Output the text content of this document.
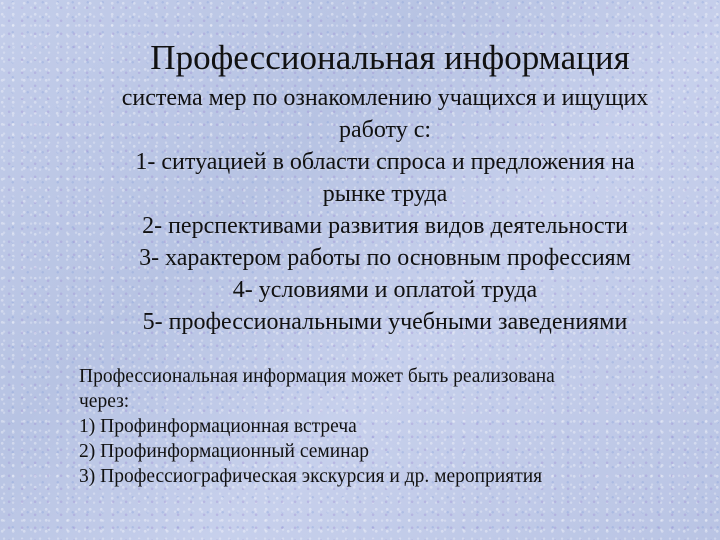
Профессиональная информация
система мер по ознакомлению учащихся и ищущих
работу с:
1- ситуацией в области спроса и предложения на
рынке труда
2- перспективами развития видов деятельности
3- характером работы по основным профессиям
4- условиями и оплатой труда
5- профессиональными учебными заведениями
Профессиональная информация может быть реализована
через:
1) Профинформационная встреча
2) Профинформационный семинар
3) Профессиографическая экскурсия и др. мероприятия
